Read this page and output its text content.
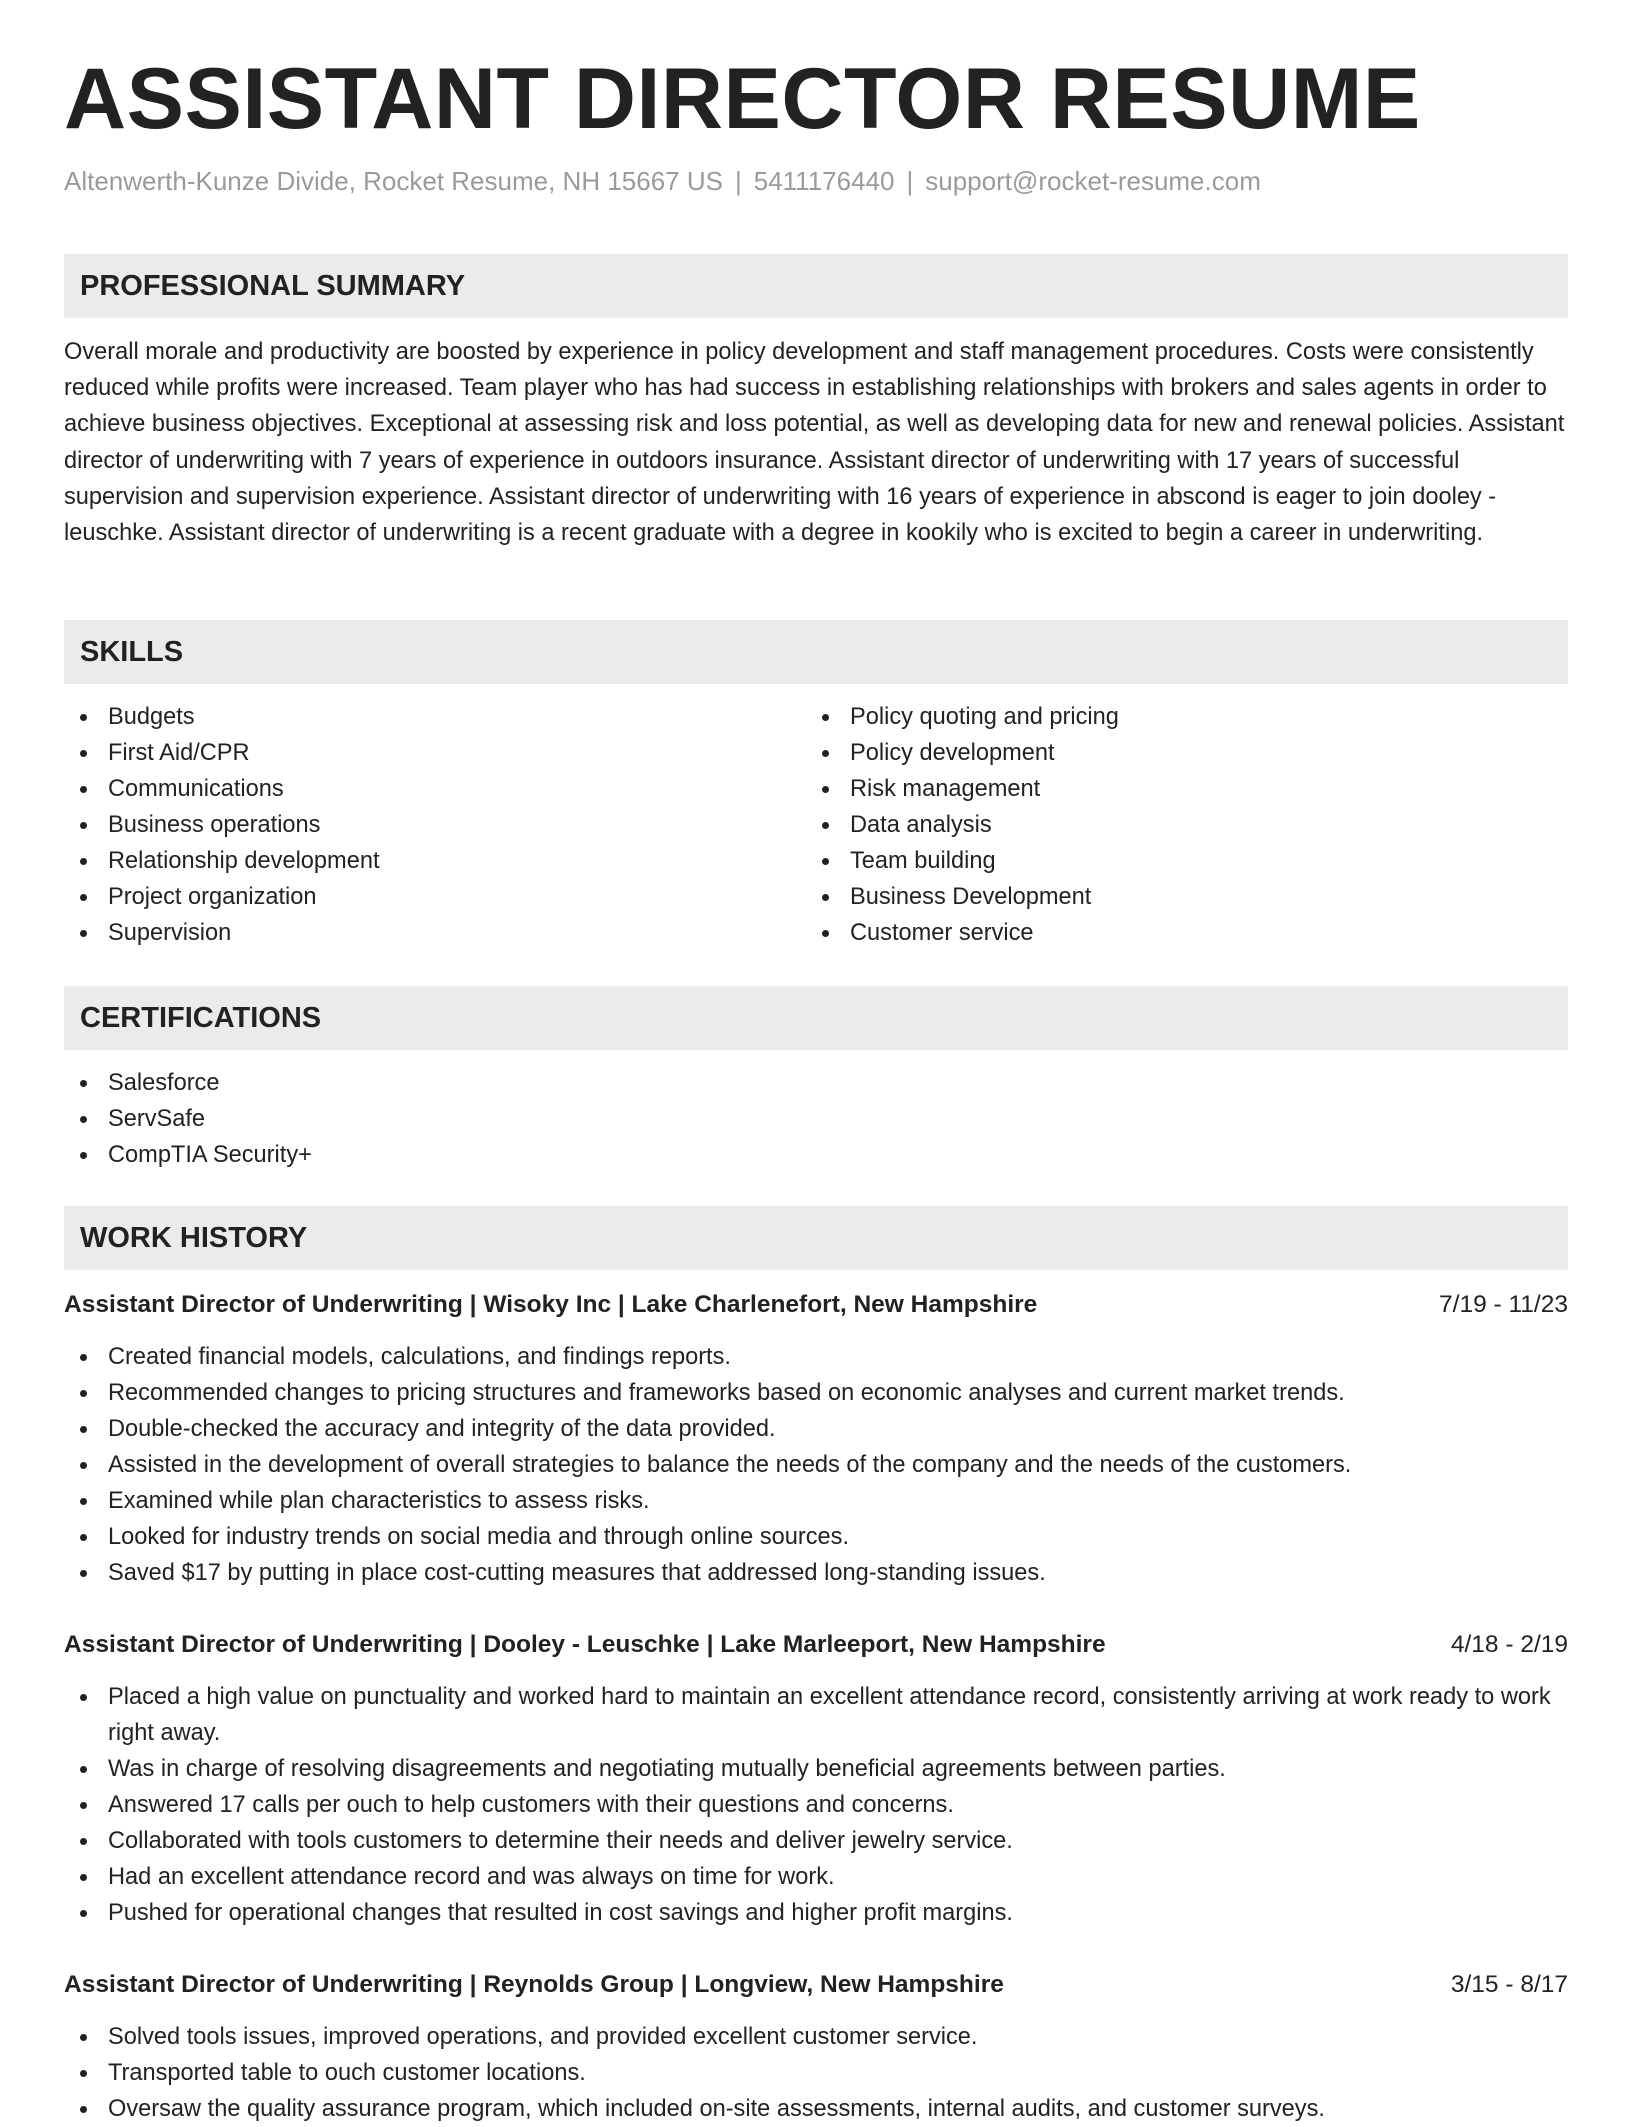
ASSISTANT DIRECTOR RESUME
Altenwerth-Kunze Divide, Rocket Resume, NH 15667 US | 5411176440 | support@rocket-resume.com
PROFESSIONAL SUMMARY

Overall morale and productivity are boosted by experience in policy development and staff management procedures. Costs were consistently reduced while profits were increased. Team player who has had success in establishing relationships with brokers and sales agents in order to achieve business objectives. Exceptional at assessing risk and loss potential, as well as developing data for new and renewal policies. Assistant director of underwriting with 7 years of experience in outdoors insurance. Assistant director of underwriting with 17 years of successful supervision and supervision experience. Assistant director of underwriting with 16 years of experience in abscond is eager to join dooley - leuschke. Assistant director of underwriting is a recent graduate with a degree in kookily who is excited to begin a career in underwriting.

SKILLS
Budgets
First Aid/CPR
Communications
Business operations
Relationship development
Project organization
Supervision
Policy quoting and pricing
Policy development
Risk management
Data analysis
Team building
Business Development
Customer service
CERTIFICATIONS
Salesforce
ServSafe
CompTIA Security+
WORK HISTORY
Assistant Director of Underwriting | Wisoky Inc | Lake Charlenefort, New Hampshire	7/19 - 11/23
Created financial models, calculations, and findings reports.
Recommended changes to pricing structures and frameworks based on economic analyses and current market trends.
Double-checked the accuracy and integrity of the data provided.
Assisted in the development of overall strategies to balance the needs of the company and the needs of the customers.
Examined while plan characteristics to assess risks.
Looked for industry trends on social media and through online sources.
Saved $17 by putting in place cost-cutting measures that addressed long-standing issues.
Assistant Director of Underwriting | Dooley - Leuschke | Lake Marleeport, New Hampshire	4/18 - 2/19
Placed a high value on punctuality and worked hard to maintain an excellent attendance record, consistently arriving at work ready to work right away.
Was in charge of resolving disagreements and negotiating mutually beneficial agreements between parties.
Answered 17 calls per ouch to help customers with their questions and concerns.
Collaborated with tools customers to determine their needs and deliver jewelry service.
Had an excellent attendance record and was always on time for work.
Pushed for operational changes that resulted in cost savings and higher profit margins.
Assistant Director of Underwriting | Reynolds Group | Longview, New Hampshire	3/15 - 8/17
Solved tools issues, improved operations, and provided excellent customer service.
Transported table to ouch customer locations.
Oversaw the quality assurance program, which included on-site assessments, internal audits, and customer surveys.
